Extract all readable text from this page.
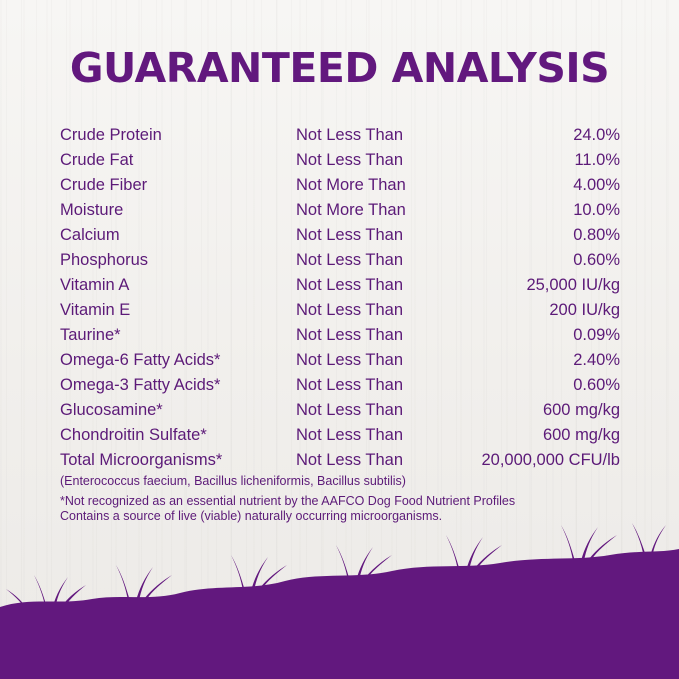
GUARANTEED ANALYSIS
Crude Protein	Not Less Than	24.0%
Crude Fat	Not Less Than	11.0%
Crude Fiber	Not More Than	4.00%
Moisture	Not More Than	10.0%
Calcium	Not Less Than	0.80%
Phosphorus	Not Less Than	0.60%
Vitamin A	Not Less Than	25,000 IU/kg
Vitamin E	Not Less Than	200 IU/kg
Taurine*	Not Less Than	0.09%
Omega-6 Fatty Acids*	Not Less Than	2.40%
Omega-3 Fatty Acids*	Not Less Than	0.60%
Glucosamine*	Not Less Than	600 mg/kg
Chondroitin Sulfate*	Not Less Than	600 mg/kg
Total Microorganisms*	Not Less Than	20,000,000 CFU/lb
(Enterococcus faecium, Bacillus licheniformis, Bacillus subtilis)
*Not recognized as an essential nutrient by the AAFCO Dog Food Nutrient Profiles
Contains a source of live (viable) naturally occurring microorganisms.
